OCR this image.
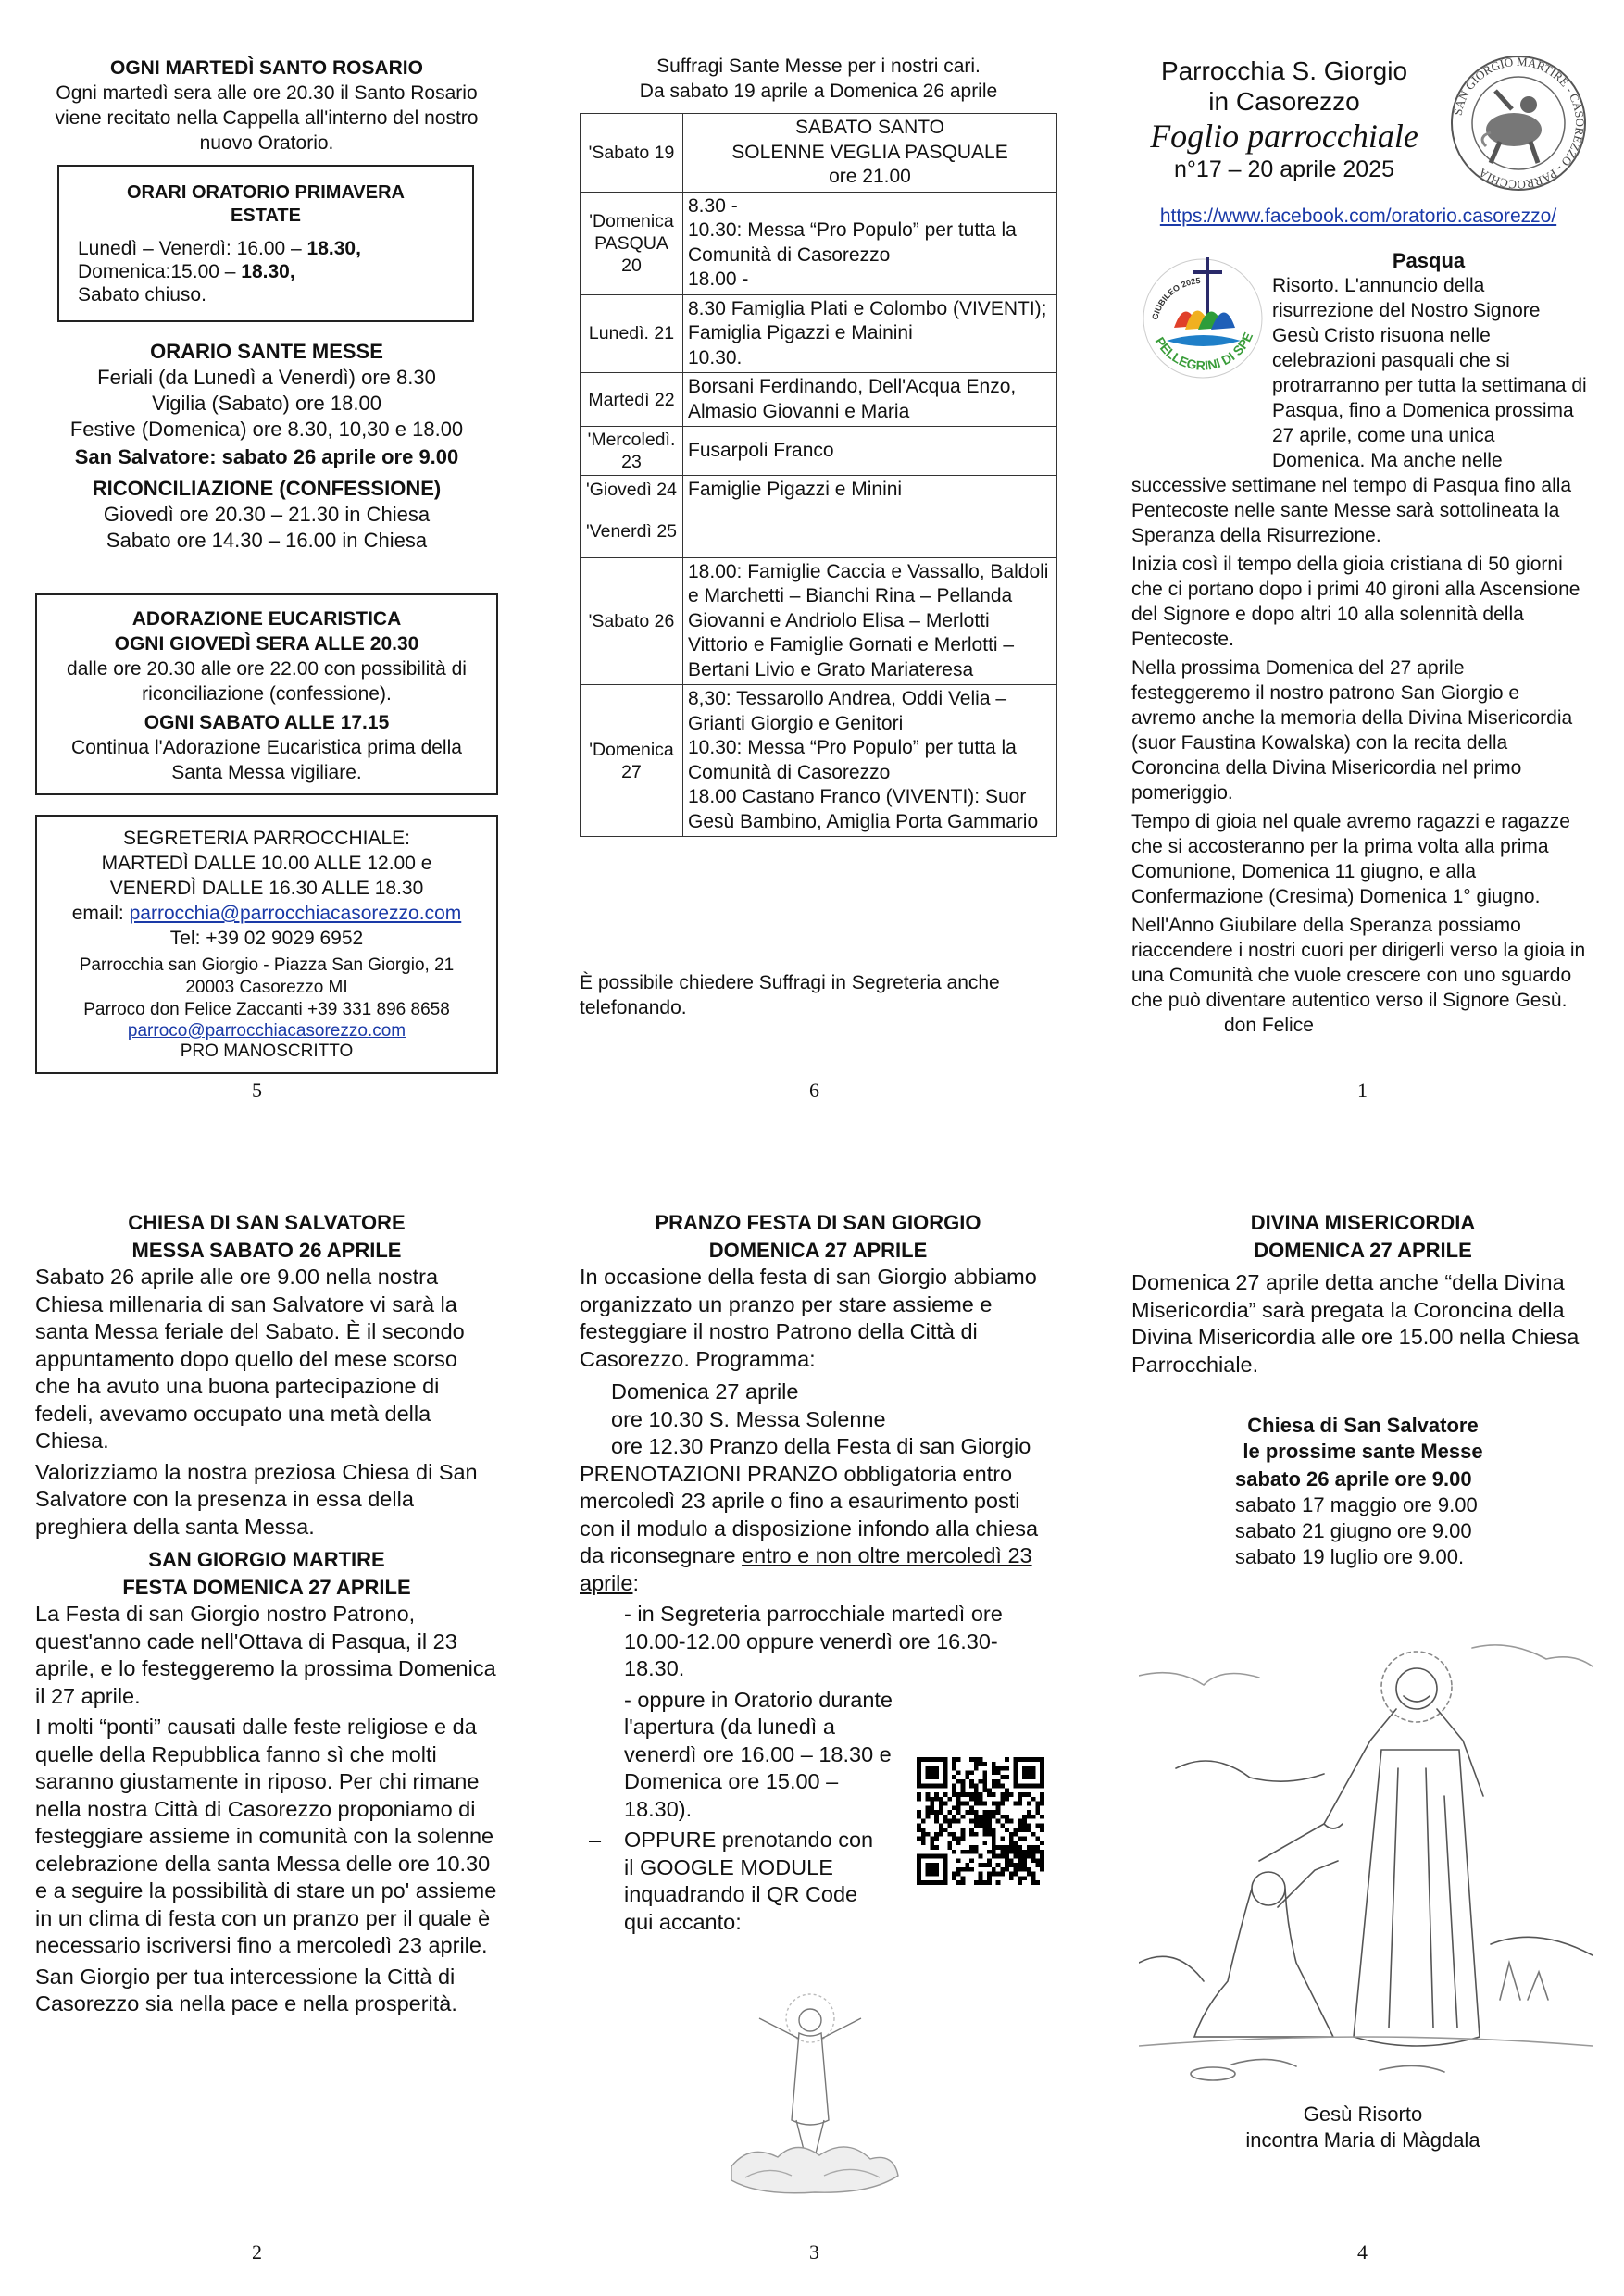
OGNI MARTEDÌ SANTO ROSARIO

Ogni martedì sera alle ore 20.30 il Santo Rosario viene recitato nella Cappella all'interno del nostro nuovo Oratorio.

ORARI ORATORIO PRIMAVERA

ESTATE

Lunedì – Venerdì: 16.00 – 18.30,

Domenica:15.00 – 18.30,

Sabato chiuso.

ORARIO SANTE MESSE

Feriali (da Lunedì a Venerdì) ore 8.30

Vigilia (Sabato) ore 18.00

Festive (Domenica) ore 8.30, 10,30 e 18.00

San Salvatore: sabato 26 aprile ore 9.00

RICONCILIAZIONE (CONFESSIONE)

Giovedì ore 20.30 – 21.30 in Chiesa

Sabato ore 14.30 – 16.00 in Chiesa

ADORAZIONE EUCARISTICA

OGNI GIOVEDÌ SERA ALLE 20.30

dalle ore 20.30 alle ore 22.00 con possibilità di riconciliazione (confessione).

OGNI SABATO ALLE 17.15

Continua l'Adorazione Eucaristica prima della Santa Messa vigiliare.

SEGRETERIA PARROCCHIALE:

MARTEDÌ DALLE 10.00 ALLE 12.00 e

VENERDÌ DALLE 16.30 ALLE 18.30

email: parrocchia@parrocchiacasorezzo.com

Tel: +39 02 9029 6952

Parrocchia san Giorgio - Piazza San Giorgio, 21

20003 Casorezzo MI

Parroco don Felice Zaccanti +39 331 896 8658

parroco@parrocchiacasorezzo.com

PRO MANOSCRITTO

5

Suffragi Sante Messe per i nostri cari.

Da sabato 19 aprile a Domenica 26 aprile

'Sabato 19	SABATO SANTO
SOLENNE VEGLIA PASQUALE
ore 21.00
'Domenica PASQUA 20	8.30 -
10.30: Messa “Pro Populo” per tutta la Comunità di Casorezzo
18.00 -
Lunedì. 21	8.30 Famiglia Plati e Colombo (VIVENTI); Famiglia Pigazzi e Mainini
10.30.
Martedì 22	Borsani Ferdinando, Dell'Acqua Enzo, Almasio Giovanni e Maria
'Mercoledì. 23	Fusarpoli Franco
'Giovedì 24	Famiglie Pigazzi e Minini
'Venerdì 25	
'Sabato 26	18.00: Famiglie Caccia e Vassallo, Baldoli e Marchetti – Bianchi Rina – Pellanda Giovanni e Andriolo Elisa – Merlotti Vittorio e Famiglie Gornati e Merlotti – Bertani Livio e Grato Mariateresa
'Domenica 27	8,30: Tessarollo Andrea, Oddi Velia – Grianti Giorgio e Genitori
10.30: Messa “Pro Populo” per tutta la Comunità di Casorezzo
18.00 Castano Franco (VIVENTI): Suor Gesù Bambino, Amiglia Porta Gammario
È possibile chiedere Suffragi in Segreteria anche telefonando.
6

Parrocchia S. Giorgio

in Casorezzo

Foglio parrocchiale

n°17 – 20 aprile 2025

SAN GIORGIO MARTIRE - CASOREZZO - PARROCCHIA
https://www.facebook.com/oratorio.casorezzo/
GIUBILEO 2025
PELLEGRINI DI SPE

Pasqua

Risorto. L'annuncio della risurrezione del Nostro Signore Gesù Cristo risuona nelle celebrazioni pasquali che si protrarranno per tutta la settimana di Pasqua, fino a Domenica prossima 27 aprile, come una unica Domenica. Ma anche nelle successive settimane nel tempo di Pasqua fino alla Pentecoste nelle sante Messe sarà sottolineata la Speranza della Risurrezione.

Inizia così il tempo della gioia cristiana di 50 giorni che ci portano dopo i primi 40 gironi alla Ascensione del Signore e dopo altri 10 alla solennità della Pentecoste.

Nella prossima Domenica del 27 aprile festeggeremo il nostro patrono San Giorgio e avremo anche la memoria della Divina Misericordia (suor Faustina Kowalska) con la recita della Coroncina della Divina Misericordia nel primo pomeriggio.

Tempo di gioia nel quale avremo ragazzi e ragazze che si accosteranno per la prima volta alla prima Comunione, Domenica 11 giugno, e alla Confermazione (Cresima) Domenica 1° giugno.

Nell'Anno Giubilare della Speranza possiamo riaccendere i nostri cuori per dirigerli verso la gioia in una Comunità che vuole crescere con uno sguardo che può diventare autentico verso il Signore Gesù.don Felice

1

CHIESA DI SAN SALVATORE

MESSA SABATO 26 APRILE

Sabato 26 aprile alle ore 9.00 nella nostra Chiesa millenaria di san Salvatore vi sarà la santa Messa feriale del Sabato. È il secondo appuntamento dopo quello del mese scorso che ha avuto una buona partecipazione di fedeli, avevamo occupato una metà della Chiesa.

Valorizziamo la nostra preziosa Chiesa di San Salvatore con la presenza in essa della preghiera della santa Messa.

SAN GIORGIO MARTIRE

FESTA DOMENICA 27 APRILE

La Festa di san Giorgio nostro Patrono, quest'anno cade nell'Ottava di Pasqua, il 23 aprile, e lo festeggeremo la prossima Domenica il 27 aprile.

I molti “ponti” causati dalle feste religiose e da quelle della Repubblica fanno sì che molti saranno giustamente in riposo. Per chi rimane nella nostra Città di Casorezzo proponiamo di festeggiare assieme in comunità con la solenne celebrazione della santa Messa delle ore 10.30 e a seguire la possibilità di stare un po' assieme in un clima di festa con un pranzo per il quale è necessario iscriversi fino a mercoledì 23 aprile.

San Giorgio per tua intercessione la Città di Casorezzo sia nella pace e nella prosperità.

2

PRANZO FESTA DI SAN GIORGIO

DOMENICA 27 APRILE

In occasione della festa di san Giorgio abbiamo organizzato un pranzo per stare assieme e festeggiare il nostro Patrono della Città di Casorezzo. Programma:

Domenica 27 aprile

ore 10.30 S. Messa Solenne

ore 12.30 Pranzo della Festa di san Giorgio

PRENOTAZIONI PRANZO obbligatoria entro mercoledì 23 aprile o fino a esaurimento posti con il modulo a disposizione infondo alla chiesa da riconsegnare entro e non oltre mercoledì 23 aprile:

- in Segreteria parrocchiale martedì ore 10.00-12.00 oppure venerdì ore 16.30-18.30.

- oppure in Oratorio durante l'apertura (da lunedì a venerdì ore 16.00 – 18.30 e Domenica ore 15.00 – 18.30).

–	OPPURE prenotando con il GOOGLE MODULE inquadrando il QR Code qui accanto:

3

DIVINA MISERICORDIA

DOMENICA 27 APRILE

Domenica 27 aprile detta anche “della Divina Misericordia” sarà pregata la Coroncina della Divina Misericordia alle ore 15.00 nella Chiesa Parrocchiale.

Chiesa di San Salvatore

le prossime sante Messe

sabato 26 aprile ore 9.00

sabato 17 maggio ore 9.00

sabato 21 giugno ore 9.00

sabato 19 luglio ore 9.00.

Gesù Risorto

incontra Maria di Màgdala

4
